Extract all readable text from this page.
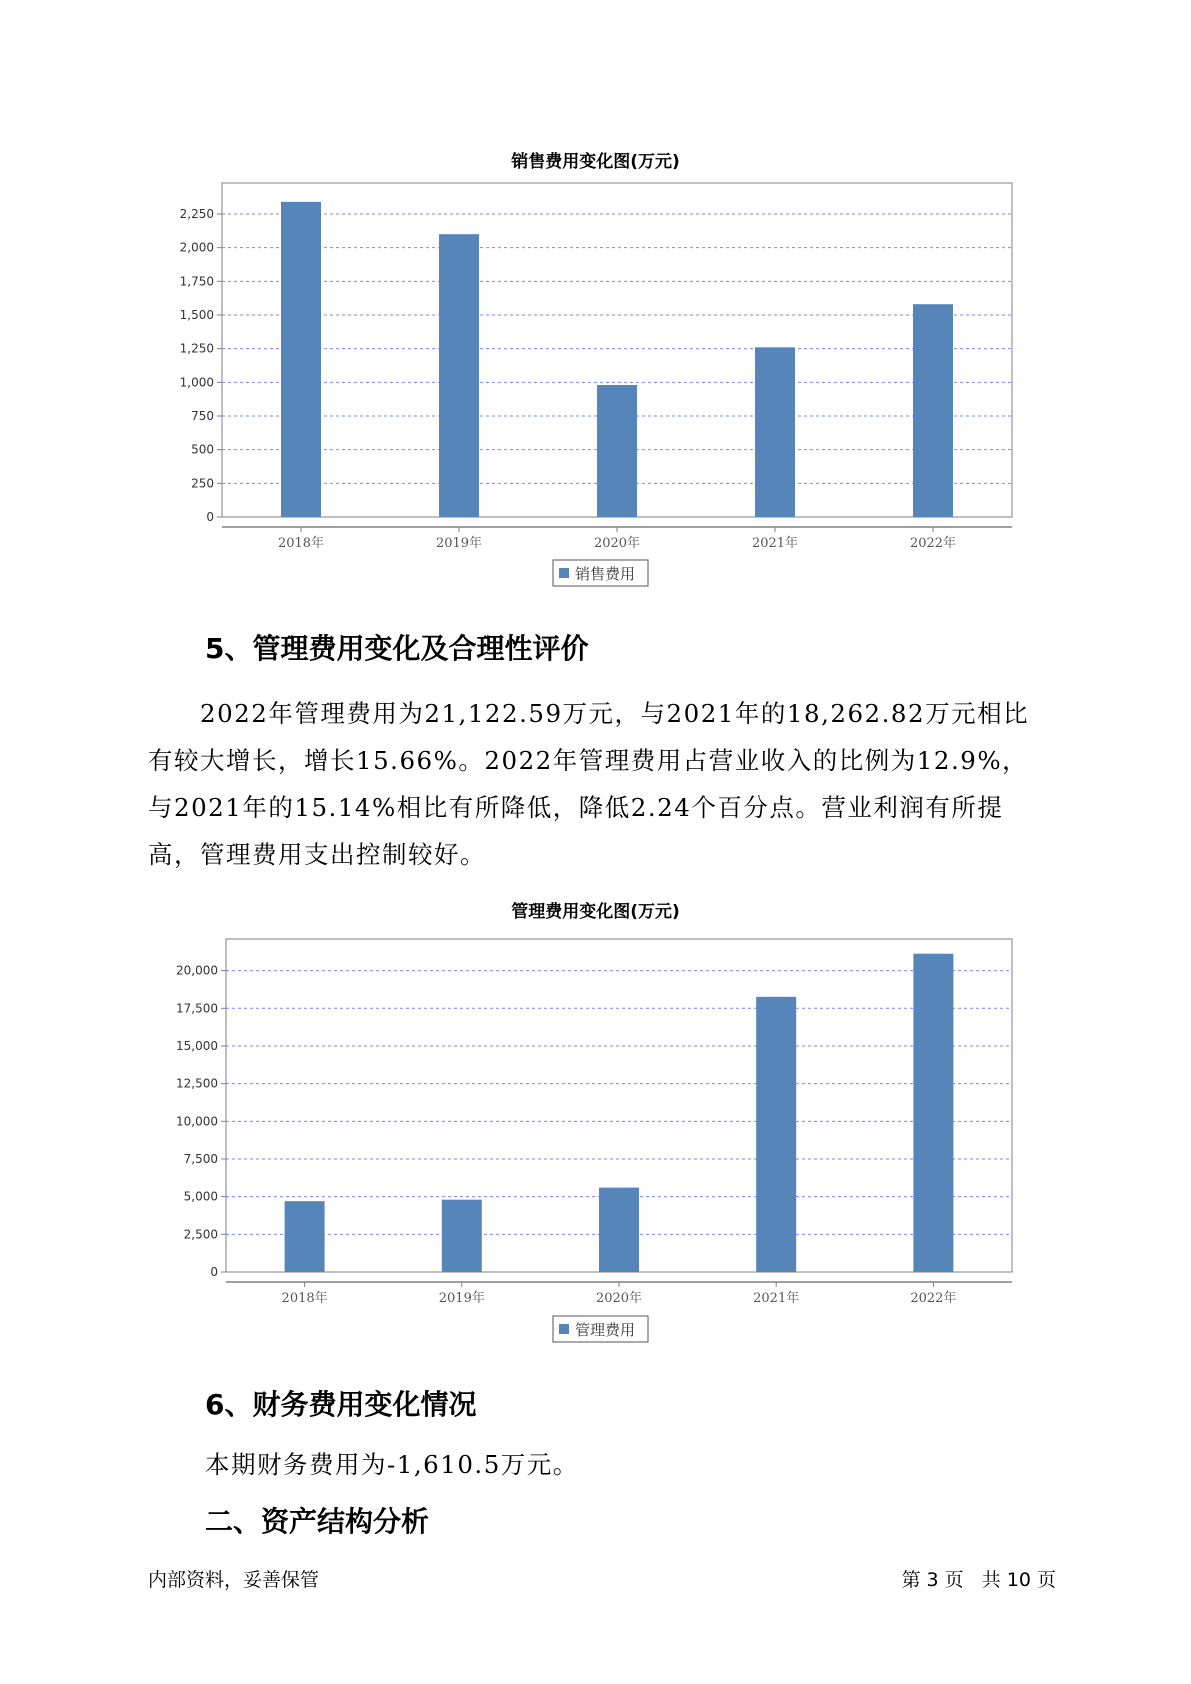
销售费用变化图(万元)
0
250
500
750
1,000
1,250
1,500
1,750
2,000
2,250
2018年	2019年	2020年	2021年	2022年
销售费用
5、管理费用变化及合理性评价
2022年管理费用为21,122.59万元，与2021年的18,262.82万元相比有较大增长，增长15.66%。2022年管理费用占营业收入的比例为12.9%，与2021年的15.14%相比有所降低，降低2.24个百分点。营业利润有所提高，管理费用支出控制较好。
管理费用变化图(万元)
0
2,500
5,000
7,500
10,000
12,500
15,000
17,500
20,000
2018年	2019年	2020年	2021年	2022年
管理费用
6、财务费用变化情况
本期财务费用为-1,610.5万元。
二、资产结构分析
内部资料，妥善保管	第 3 页   共 10 页
